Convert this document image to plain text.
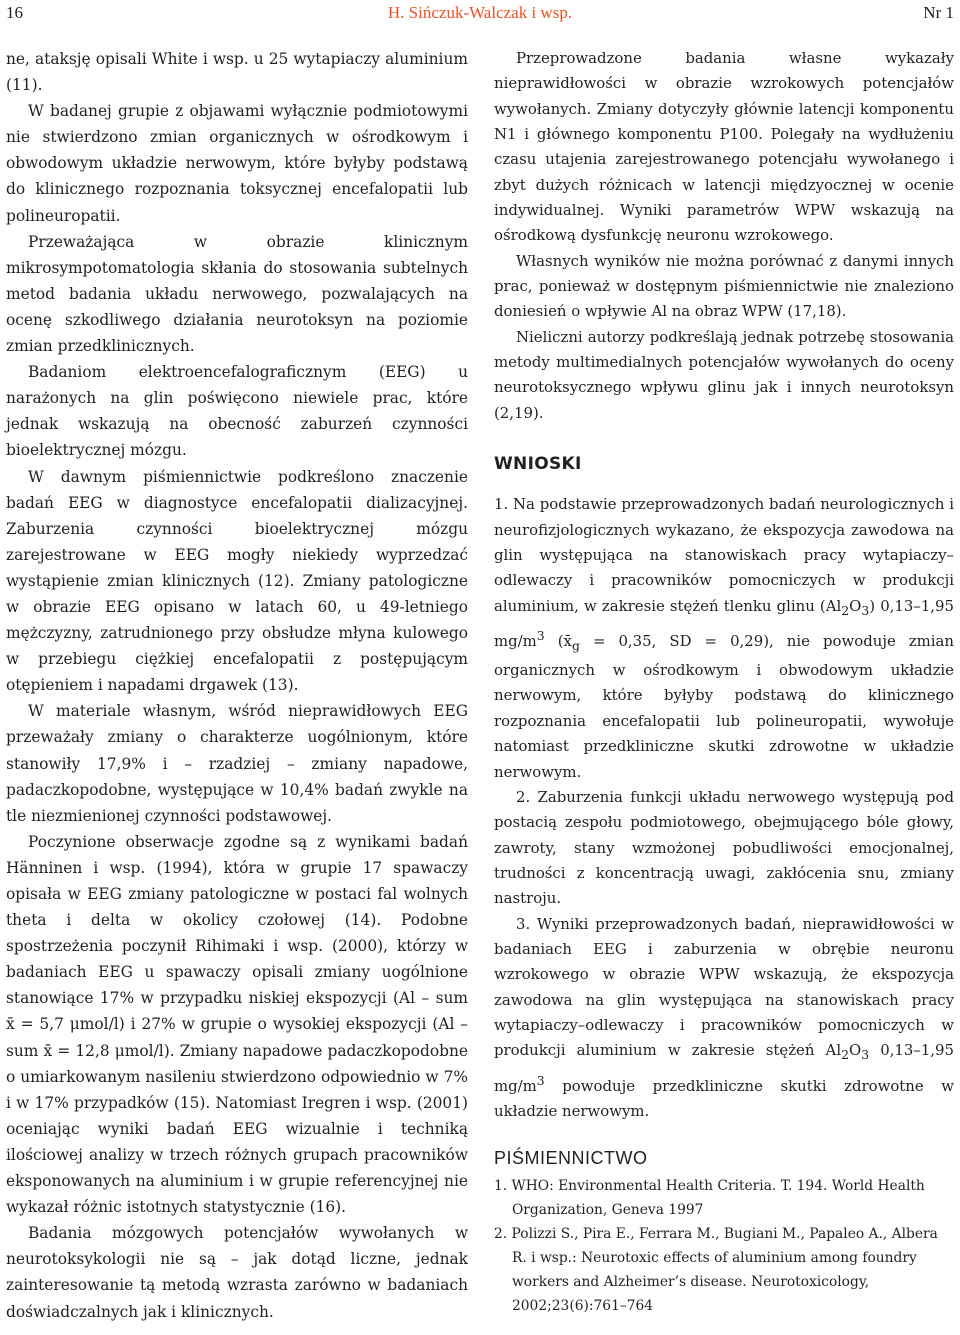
16	H. Sińczuk-Walczak i wsp.	Nr 1

ne, ataksję opisali White i wsp. u 25 wytapiaczy aluminium (11).

W badanej grupie z objawami wyłącznie podmiotowymi nie stwierdzono zmian organicznych w ośrodkowym i obwodowym układzie nerwowym, które byłyby podstawą do klinicznego rozpoznania toksycznej encefalopatii lub polineuropatii.

Przeważająca w obrazie klinicznym mikrosympotomatologia skłania do stosowania subtelnych metod badania układu nerwowego, pozwalających na ocenę szkodliwego działania neurotoksyn na poziomie zmian przedklinicznych.

Badaniom elektroencefalograficznym (EEG) u narażonych na glin poświęcono niewiele prac, które jednak wskazują na obecność zaburzeń czynności bioelektrycznej mózgu.

W dawnym piśmiennictwie podkreślono znaczenie badań EEG w diagnostyce encefalopatii dializacyjnej. Zaburzenia czynności bioelektrycznej mózgu zarejestrowane w EEG mogły niekiedy wyprzedzać wystąpienie zmian klinicznych (12). Zmiany patologiczne w obrazie EEG opisano w latach 60, u 49-letniego mężczyzny, zatrudnionego przy obsłudze młyna kulowego w przebiegu ciężkiej encefalopatii z postępującym otępieniem i napadami drgawek (13).

W materiale własnym, wśród nieprawidłowych EEG przeważały zmiany o charakterze uogólnionym, które stanowiły 17,9% i – rzadziej – zmiany napadowe, padaczkopodobne, występujące w 10,4% badań zwykle na tle niezmienionej czynności podstawowej.

Poczynione obserwacje zgodne są z wynikami badań Hänninen i wsp. (1994), która w grupie 17 spawaczy opisała w EEG zmiany patologiczne w postaci fal wolnych theta i delta w okolicy czołowej (14). Podobne spostrzeżenia poczynił Rihimaki i wsp. (2000), którzy w badaniach EEG u spawaczy opisali zmiany uogólnione stanowiące 17% w przypadku niskiej ekspozycji (Al – sum x̄ = 5,7 μmol/l) i 27% w grupie o wysokiej ekspozycji (Al – sum x̄ = 12,8 μmol/l). Zmiany napadowe padaczkopodobne o umiarkowanym nasileniu stwierdzono odpowiednio w 7% i w 17% przypadków (15). Natomiast Iregren i wsp. (2001) oceniając wyniki badań EEG wizualnie i techniką ilościowej analizy w trzech różnych grupach pracowników eksponowanych na aluminium i w grupie referencyjnej nie wykazał różnic istotnych statystycznie (16).

Badania mózgowych potencjałów wywołanych w neurotoksykologii nie są – jak dotąd liczne, jednak zainteresowanie tą metodą wzrasta zarówno w badaniach doświadczalnych jak i klinicznych.

Przeprowadzone badania własne wykazały nieprawidłowości w obrazie wzrokowych potencjałów wywołanych. Zmiany dotyczyły głównie latencji komponentu N1 i głównego komponentu P100. Polegały na wydłużeniu czasu utajenia zarejestrowanego potencjału wywołanego i zbyt dużych różnicach w latencji międzyocznej w ocenie indywidualnej. Wyniki parametrów WPW wskazują na ośrodkową dysfunkcję neuronu wzrokowego.

Własnych wyników nie można porównać z danymi innych prac, ponieważ w dostępnym piśmiennictwie nie znaleziono doniesień o wpływie Al na obraz WPW (17,18).

Nieliczni autorzy podkreślają jednak potrzebę stosowania metody multimedialnych potencjałów wywołanych do oceny neurotoksycznego wpływu glinu jak i innych neurotoksyn (2,19).

WNIOSKI

1. Na podstawie przeprowadzonych badań neurologicznych i neurofizjologicznych wykazano, że ekspozycja zawodowa na glin występująca na stanowiskach pracy wytapiaczy–odlewaczy i pracowników pomocniczych w produkcji aluminium, w zakresie stężeń tlenku glinu $(Al_2O_3)$ 0,13–1,95 $mg/m^3$ ($x̄_g = 0,35$, SD = 0,29), nie powoduje zmian organicznych w ośrodkowym i obwodowym układzie nerwowym, które byłyby podstawą do klinicznego rozpoznania encefalopatii lub polineuropatii, wywołuje natomiast przedkliniczne skutki zdrowotne w układzie nerwowym.

2. Zaburzenia funkcji układu nerwowego występują pod postacią zespołu podmiotowego, obejmującego bóle głowy, zawroty, stany wzmożonej pobudliwości emocjonalnej, trudności z koncentracją uwagi, zakłócenia snu, zmiany nastroju.

3. Wyniki przeprowadzonych badań, nieprawidłowości w badaniach EEG i zaburzenia w obrębie neuronu wzrokowego w obrazie WPW wskazują, że ekspozycja zawodowa na glin występująca na stanowiskach pracy wytapiaczy–odlewaczy i pracowników pomocniczych w produkcji aluminium w zakresie stężeń $Al_2O_3$ 0,13–1,95 $mg/m^3$ powoduje przedkliniczne skutki zdrowotne w układzie nerwowym.

PIŚMIENNICTWO

1. WHO: Environmental Health Criteria. T. 194. World Health Organization, Geneva 1997

2. Polizzi S., Pira E., Ferrara M., Bugiani M., Papaleo A., Albera R. i wsp.: Neurotoxic effects of aluminium among foundry workers and Alzheimer’s disease. Neurotoxicology, 2002;23(6):761–764
